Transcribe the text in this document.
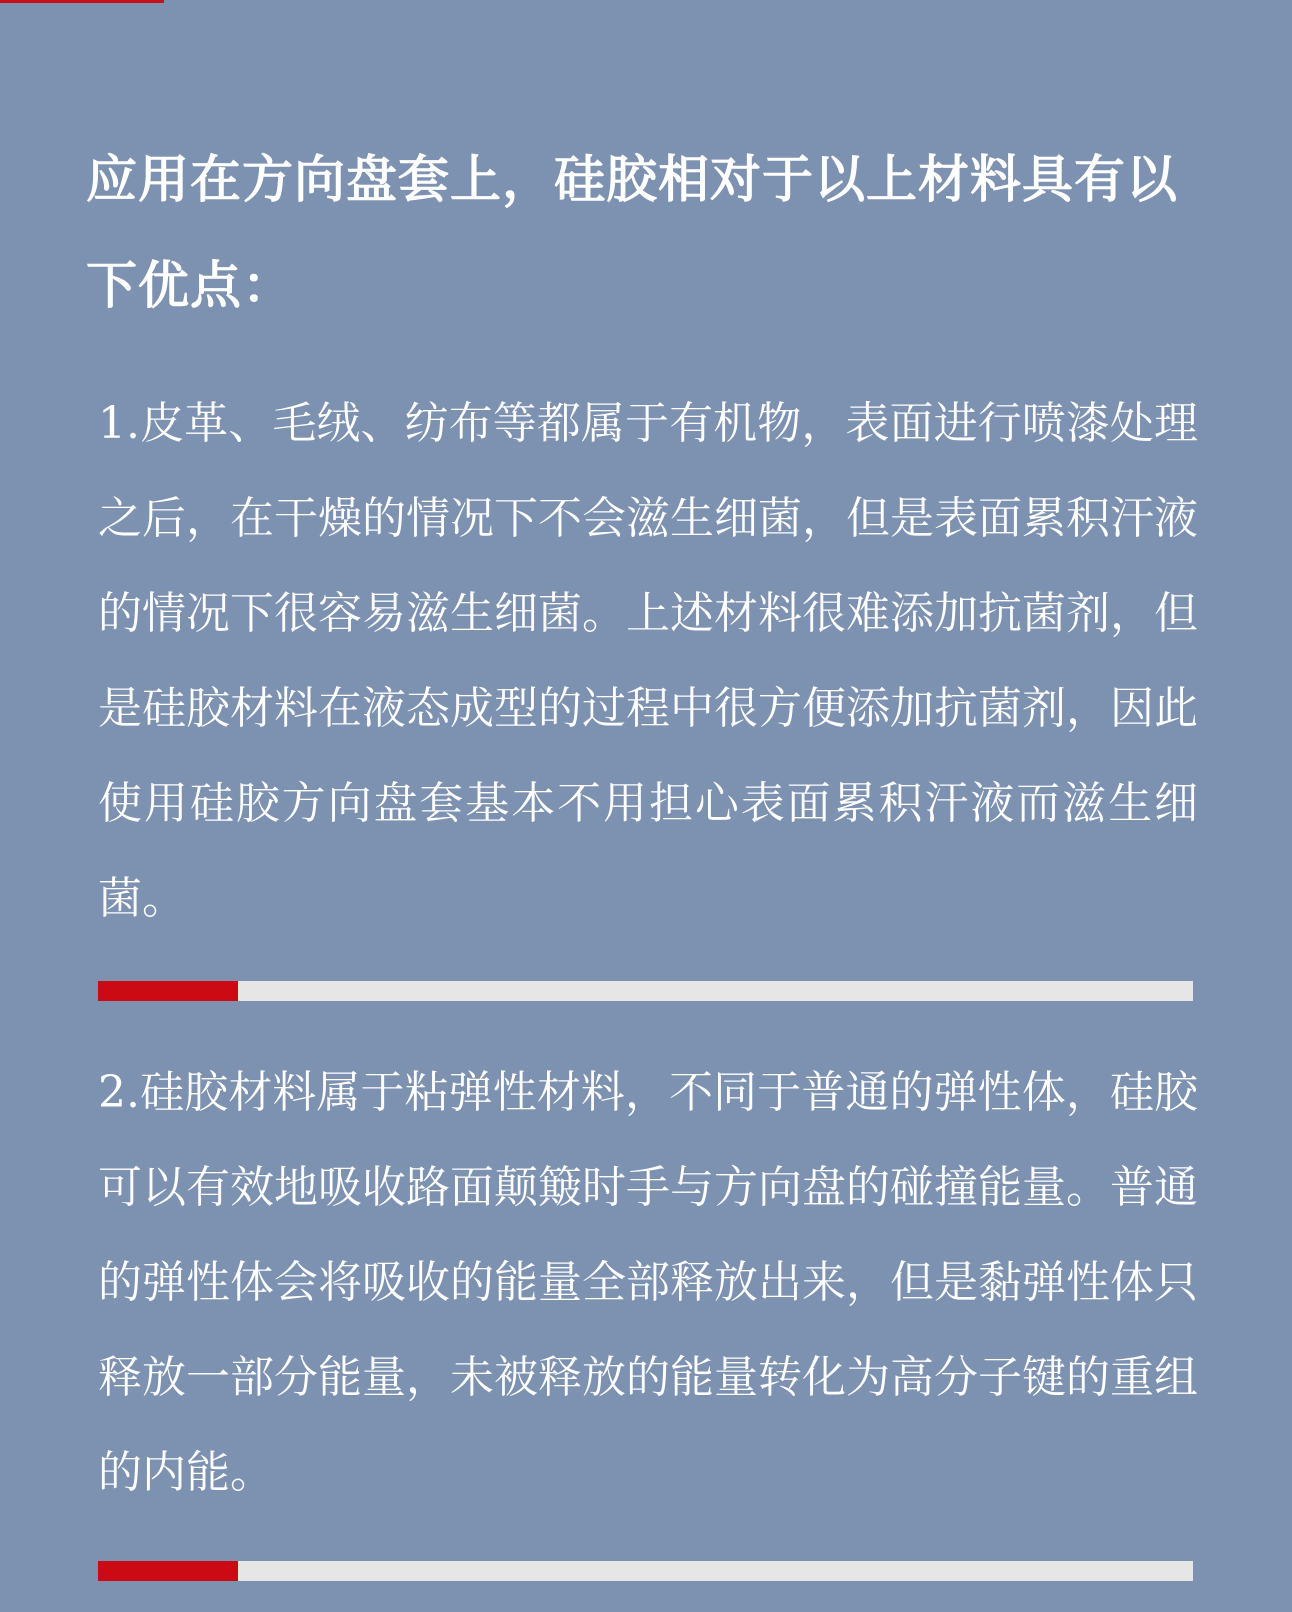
应用在方向盘套上，硅胶相对于以上材料具有以下优点：

1.皮革、毛绒、纺布等都属于有机物，表面进行喷漆处理之后，在干燥的情况下不会滋生细菌，但是表面累积汗液的情况下很容易滋生细菌。上述材料很难添加抗菌剂，但是硅胶材料在液态成型的过程中很方便添加抗菌剂，因此使用硅胶方向盘套基本不用担心表面累积汗液而滋生细菌。

2.硅胶材料属于粘弹性材料，不同于普通的弹性体，硅胶可以有效地吸收路面颠簸时手与方向盘的碰撞能量。普通的弹性体会将吸收的能量全部释放出来，但是黏弹性体只释放一部分能量，未被释放的能量转化为高分子键的重组的内能。
